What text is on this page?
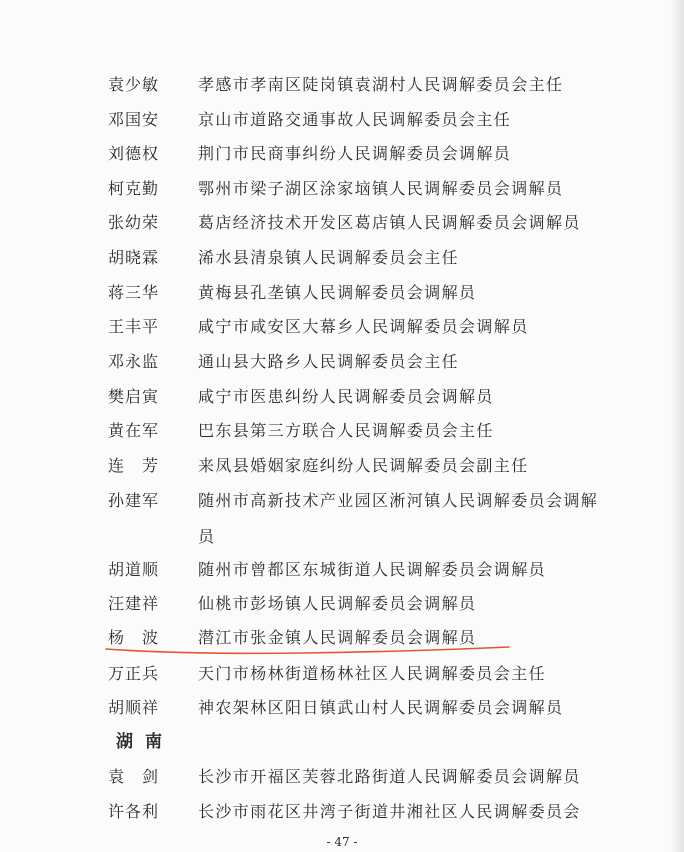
袁少敏 孝感市孝南区陡岗镇袁湖村人民调解委员会主任
邓国安 京山市道路交通事故人民调解委员会主任
刘德权 荆门市民商事纠纷人民调解委员会调解员
柯克勤 鄂州市梁子湖区涂家垴镇人民调解委员会调解员
张幼荣 葛店经济技术开发区葛店镇人民调解委员会调解员
胡晓霖 浠水县清泉镇人民调解委员会主任
蒋三华 黄梅县孔垄镇人民调解委员会调解员
王丰平 咸宁市咸安区大幕乡人民调解委员会调解员
邓永监 通山县大路乡人民调解委员会主任
樊启寅 咸宁市医患纠纷人民调解委员会调解员
黄在军 巴东县第三方联合人民调解委员会主任
连　芳 来凤县婚姻家庭纠纷人民调解委员会副主任
孙建军 随州市高新技术产业园区淅河镇人民调解委员会调解员
胡道顺 随州市曾都区东城街道人民调解委员会调解员
汪建祥 仙桃市彭场镇人民调解委员会调解员
杨　波 潜江市张金镇人民调解委员会调解员
万正兵 天门市杨林街道杨林社区人民调解委员会主任
胡顺祥 神农架林区阳日镇武山村人民调解委员会调解员
湖南
袁　剑 长沙市开福区芙蓉北路街道人民调解委员会调解员
许各利 长沙市雨花区井湾子街道井湘社区人民调解委员会
- 47 -
